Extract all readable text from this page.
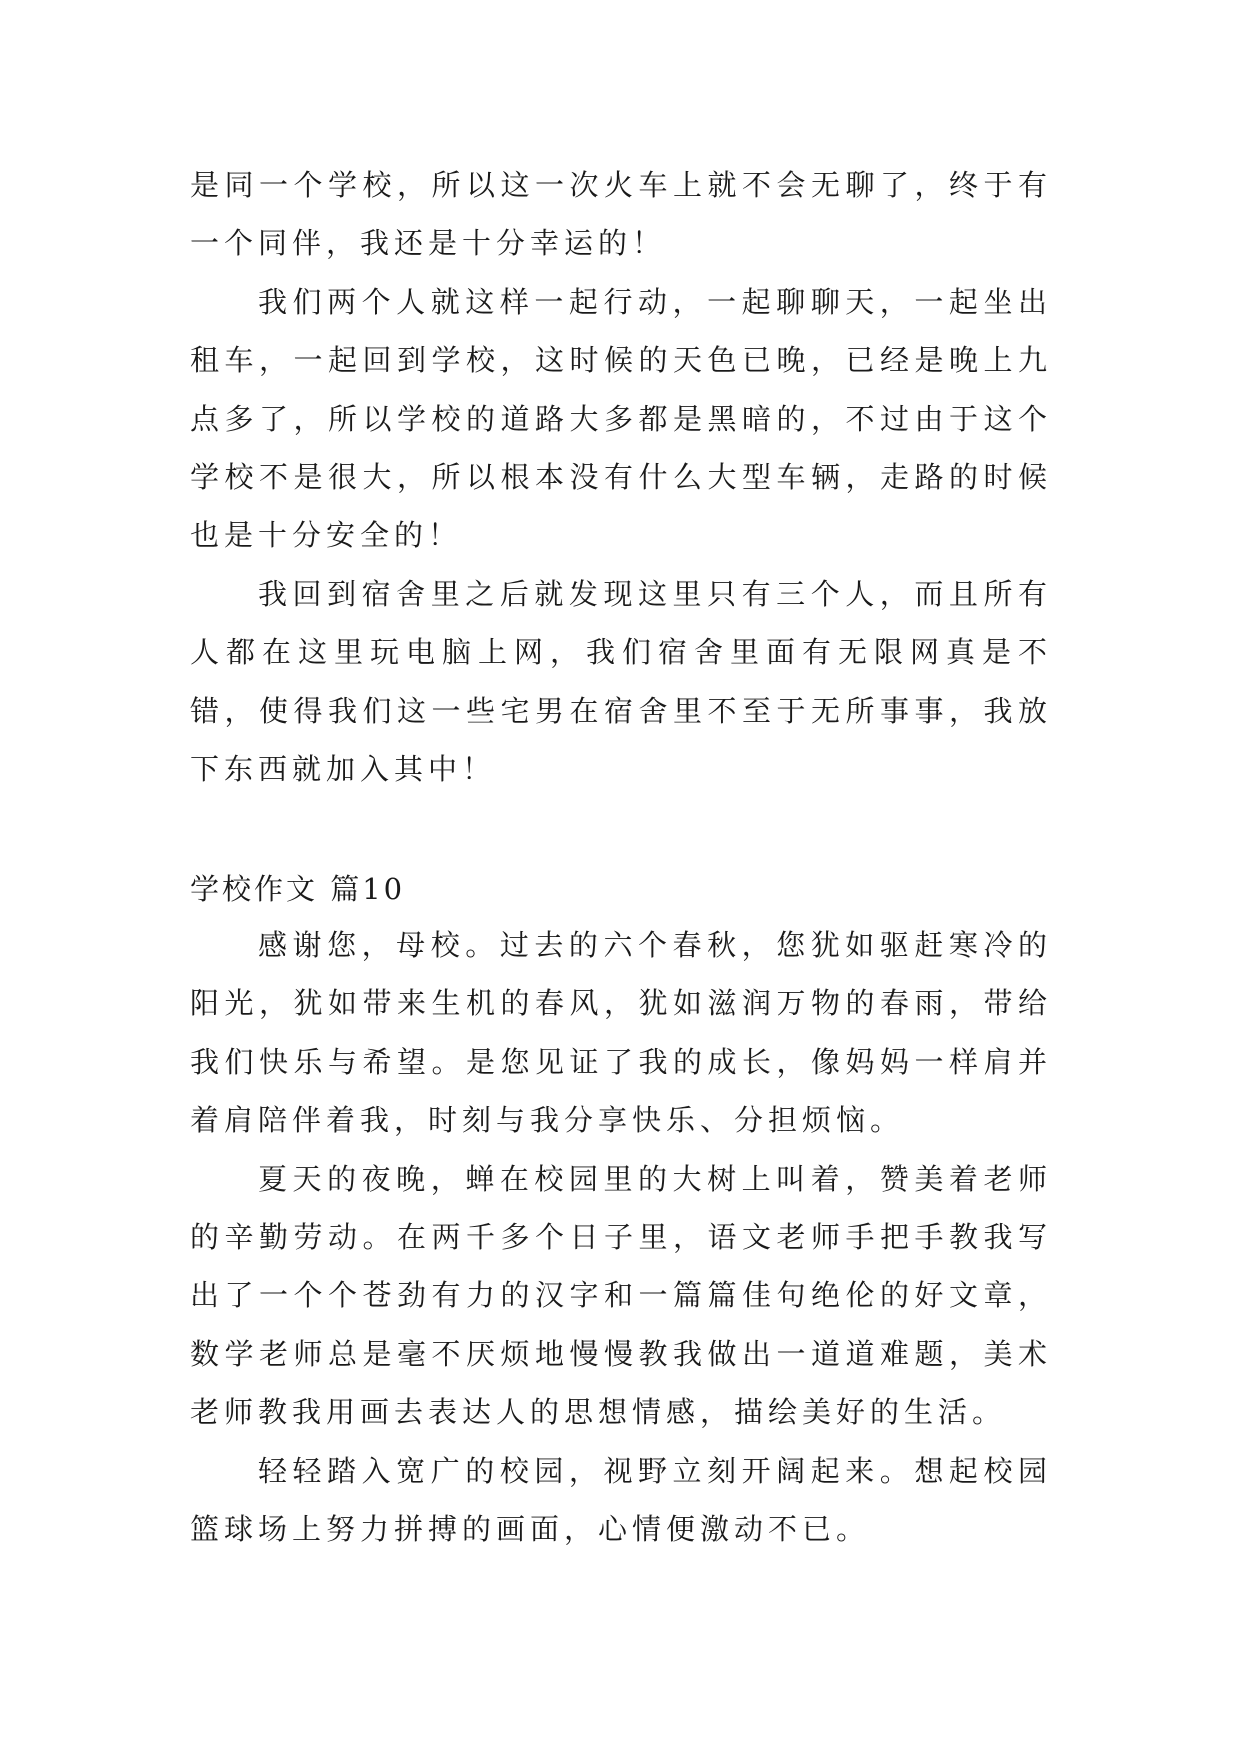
是同一个学校，所以这一次火车上就不会无聊了，终于有一个同伴，我还是十分幸运的！

我们两个人就这样一起行动，一起聊聊天，一起坐出租车，一起回到学校，这时候的天色已晚，已经是晚上九点多了，所以学校的道路大多都是黑暗的，不过由于这个学校不是很大，所以根本没有什么大型车辆，走路的时候也是十分安全的！

我回到宿舍里之后就发现这里只有三个人，而且所有人都在这里玩电脑上网，我们宿舍里面有无限网真是不错，使得我们这一些宅男在宿舍里不至于无所事事，我放下东西就加入其中！

学校作文 篇10

感谢您，母校。过去的六个春秋，您犹如驱赶寒冷的阳光，犹如带来生机的春风，犹如滋润万物的春雨，带给我们快乐与希望。是您见证了我的成长，像妈妈一样肩并着肩陪伴着我，时刻与我分享快乐、分担烦恼。

夏天的夜晚，蝉在校园里的大树上叫着，赞美着老师的辛勤劳动。在两千多个日子里，语文老师手把手教我写出了一个个苍劲有力的汉字和一篇篇佳句绝伦的好文章，数学老师总是毫不厌烦地慢慢教我做出一道道难题，美术老师教我用画去表达人的思想情感，描绘美好的生活。

轻轻踏入宽广的校园，视野立刻开阔起来。想起校园篮球场上努力拼搏的画面，心情便激动不已。
